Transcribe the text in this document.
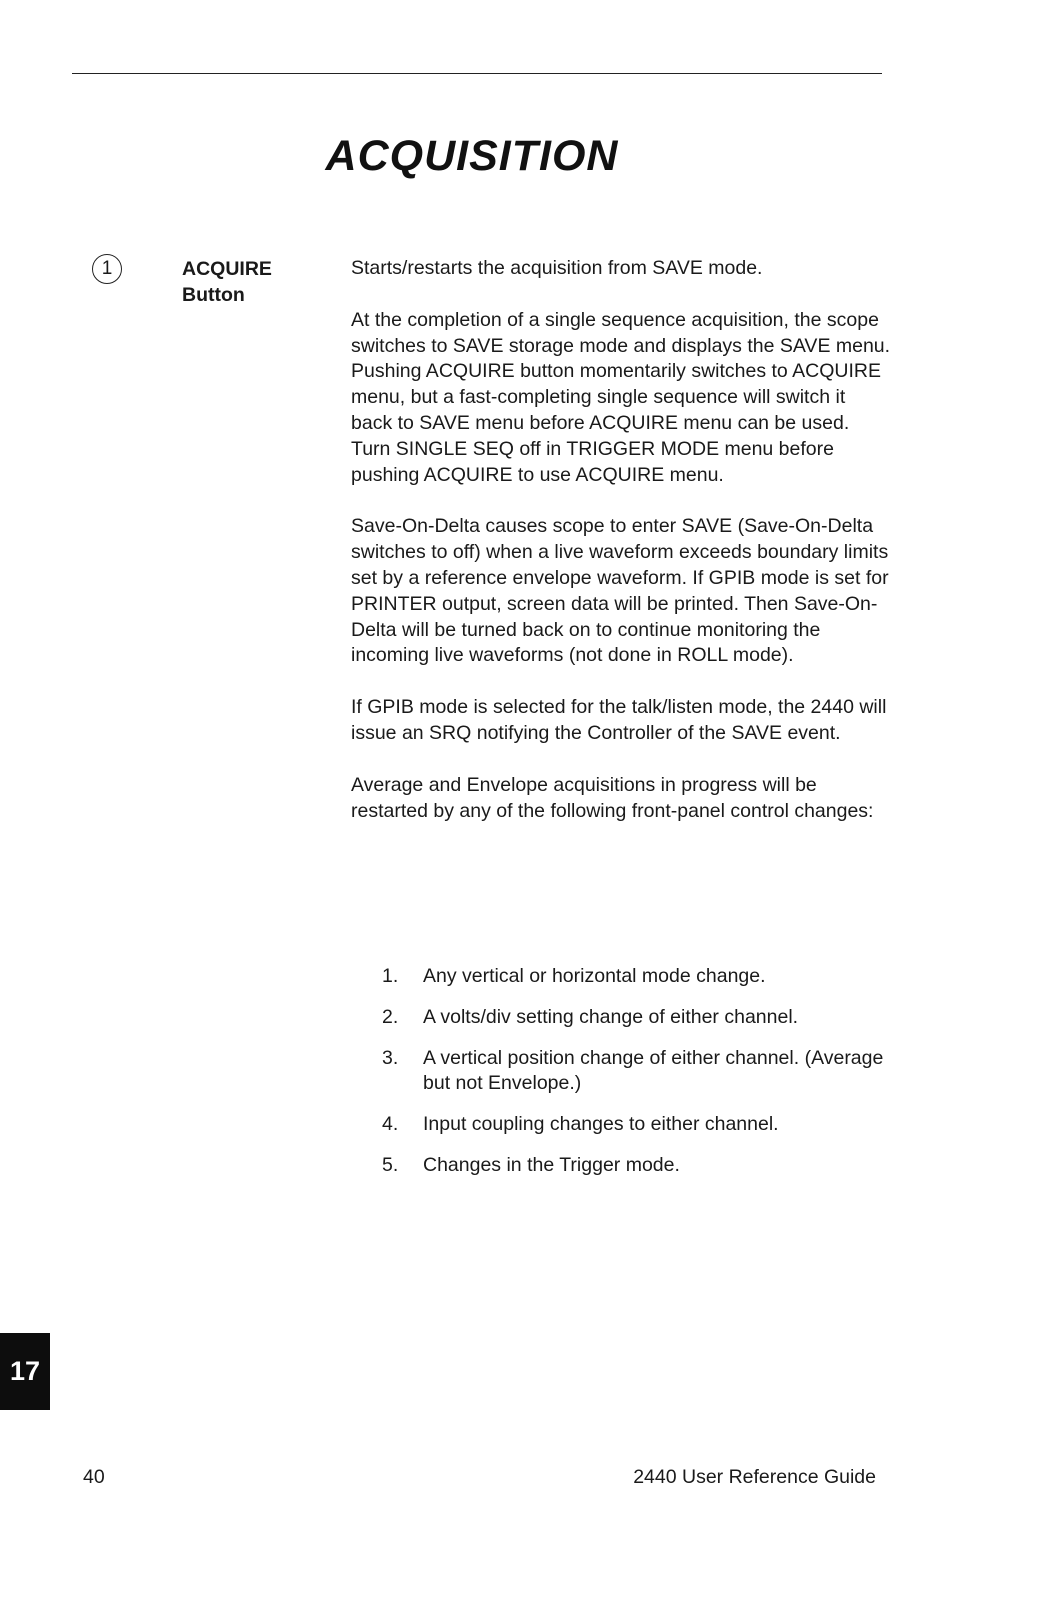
ACQUISITION
1	ACQUIRE
Button

Starts/restarts the acquisition from SAVE mode.

At the completion of a single sequence acquisition, the scope switches to SAVE storage mode and displays the SAVE menu. Pushing ACQUIRE button momentarily switches to ACQUIRE menu, but a fast-completing single sequence will switch it back to SAVE menu before ACQUIRE menu can be used. Turn SINGLE SEQ off in TRIGGER MODE menu before pushing ACQUIRE to use ACQUIRE menu.

Save-On-Delta causes scope to enter SAVE (Save-On-Delta switches to off) when a live waveform exceeds boundary limits set by a reference envelope waveform. If GPIB mode is set for PRINTER output, screen data will be printed. Then Save-On-Delta will be turned back on to continue monitoring the incoming live waveforms (not done in ROLL mode).

If GPIB mode is selected for the talk/listen mode, the 2440 will issue an SRQ notifying the Controller of the SAVE event.

Average and Envelope acquisitions in progress will be restarted by any of the following front-panel control changes:

1. Any vertical or horizontal mode change.
2. A volts/div setting change of either channel.
3. A vertical position change of either channel. (Average but not Envelope.)
4. Input coupling changes to either channel.
5. Changes in the Trigger mode.
17
40	2440 User Reference Guide
